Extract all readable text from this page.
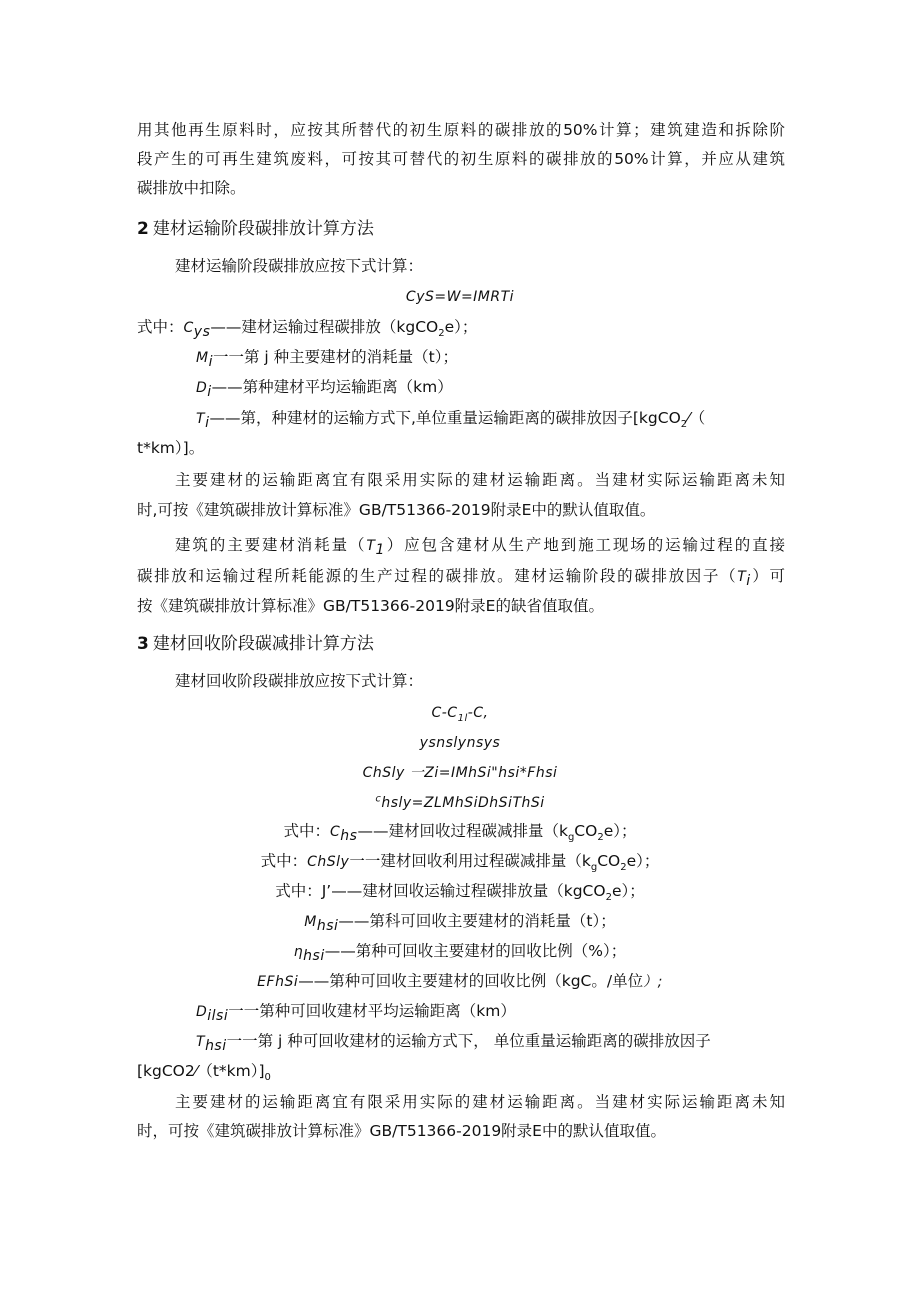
用其他再生原料时，应按其所替代的初生原料的碳排放的50%计算；建筑建造和拆除阶

段产生的可再生建筑废料，可按其可替代的初生原料的碳排放的50%计算，并应从建筑

碳排放中扣除。

2 建材运输阶段碳排放计算方法

建材运输阶段碳排放应按下式计算：

CyS=W=IMRTi

式中：$C_{ys}——$建材运输过程碳排放（kgCO$_2$e）；

$M_i$一一第 j 种主要建材的消耗量（t）；

$D_i——$第种建材平均运输距离（km）

$T_i——$第，种建材的运输方式下,单位重量运输距离的碳排放因子[kgCO$_2$⁄（

t*km）]。

主要建材的运输距离宜有限采用实际的建材运输距离。当建材实际运输距离未知

时,可按《建筑碳排放计算标准》GB/T51366-2019附录E中的默认值取值。

建筑的主要建材消耗量$(T_1)$应包含建材从生产地到施工现场的运输过程的直接

碳排放和运输过程所耗能源的生产过程的碳排放。建材运输阶段的碳排放因子$(T_i)$可

按《建筑碳排放计算标准》GB/T51366-2019附录E的缺省值取值。

3 建材回收阶段碳减排计算方法

建材回收阶段碳排放应按下式计算：

$C-C_{1l}-C$,

ysnslynsys

ChSly 一Zi=IMhSi"hsi*Fhsi

$^c$hsly=ZLMhSiDhSiThSi

式中：$C_{hs}——$建材回收过程碳减排量$(k_gCO_2e)$；

式中：ChSly一一建材回收利用过程碳减排量$(k_gCO_2e)$；

式中：J’——建材回收运输过程碳排放量（kgCO$_2$e）；

$M_{hsi}——$第科可回收主要建材的消耗量（t）；

$\eta_{hsi}——$第种可回收主要建材的回收比例（%）；

EFhSi——第种可回收主要建材的回收比例（kgC。/单位）;

$D_{ilsi}$一一第种可回收建材平均运输距离（km）

$T_{hsi}$一一第 j 种可回收建材的运输方式下， 单位重量运输距离的碳排放因子

$[kgCO2⁄(t*km)]_0$

主要建材的运输距离宜有限采用实际的建材运输距离。当建材实际运输距离未知

时，可按《建筑碳排放计算标准》GB/T51366-2019附录E中的默认值取值。
